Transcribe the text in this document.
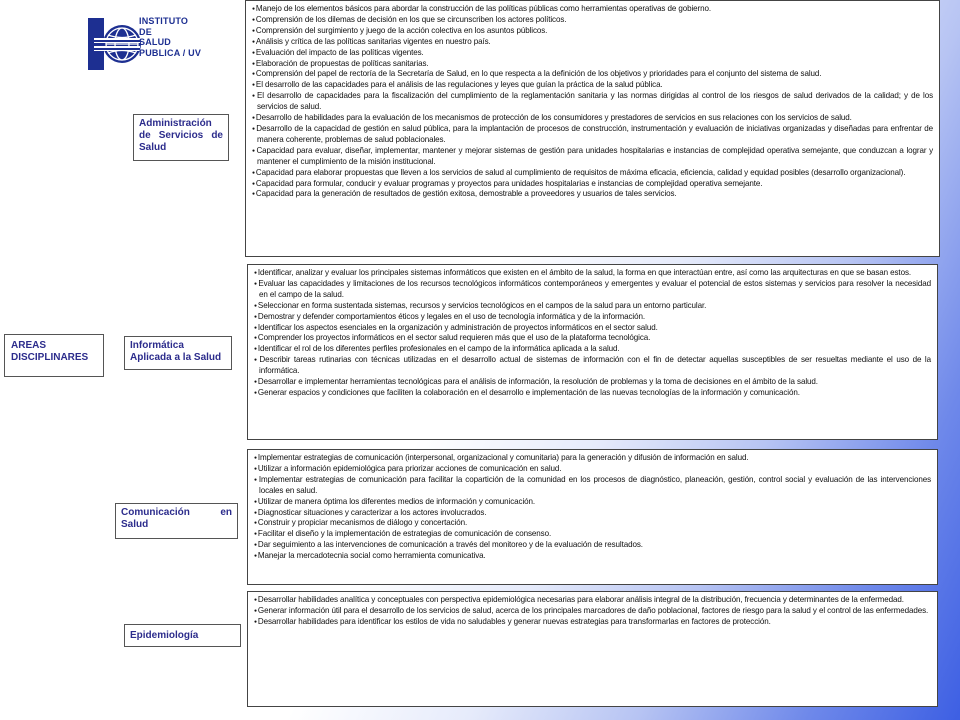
INSTITUTO
DE
SALUD
PUBLICA / UV
AREAS DISCIPLINARES
Administración de Servicios de Salud
Informática Aplicada a la Salud
Comunicación en Salud
Epidemiología
● Manejo de los elementos básicos para abordar la construcción de las políticas públicas como herramientas operativas de gobierno.
● Comprensión de los dilemas de decisión en los que se circunscriben los actores políticos.
● Comprensión del surgimiento y juego de la acción colectiva en los asuntos públicos.
● Análisis y crítica de las políticas sanitarias vigentes en nuestro país.
● Evaluación del impacto de las políticas vigentes.
● Elaboración de propuestas de políticas sanitarias.
● Comprensión del papel de rectoría de la Secretaría de Salud, en lo que respecta a la definición de los objetivos y prioridades para el conjunto del sistema de salud.
● El desarrollo de las capacidades para el análisis de las regulaciones y leyes que guían la práctica de la salud pública.
● El desarrollo de capacidades para la fiscalización del cumplimiento de la reglamentación sanitaria y las normas dirigidas al control de los riesgos de salud derivados de la calidad; y de los servicios de salud.
● Desarrollo de habilidades para la evaluación de los mecanismos de protección de los consumidores y prestadores de servicios en sus relaciones con los servicios de salud.
● Desarrollo de la capacidad de gestión en salud pública, para la implantación de procesos de construcción, instrumentación y evaluación de iniciativas organizadas y diseñadas para enfrentar de manera coherente, problemas de salud poblacionales.
● Capacidad para evaluar, diseñar, implementar, mantener y mejorar sistemas de gestión para unidades hospitalarias e instancias de complejidad operativa semejante, que conduzcan a lograr y mantener el cumplimiento de la misión institucional.
● Capacidad para elaborar propuestas que lleven a los servicios de salud al cumplimiento de requisitos de máxima eficacia, eficiencia, calidad y equidad posibles (desarrollo organizacional).
● Capacidad para formular, conducir y evaluar programas y proyectos para unidades hospitalarias e instancias de complejidad operativa semejante.
● Capacidad para la generación de resultados de gestión exitosa, demostrable a proveedores y usuarios de tales servicios.
● Identificar, analizar y evaluar los principales sistemas informáticos que existen en el ámbito de la salud, la forma en que interactúan entre, así como las arquitecturas en que se basan estos.
● Evaluar las capacidades y limitaciones de los recursos tecnológicos informáticos contemporáneos y emergentes y evaluar el potencial de estos sistemas y servicios para resolver la necesidad en el campo de la salud.
● Seleccionar en forma sustentada sistemas, recursos y servicios tecnológicos en el campos de la salud para un entorno particular.
● Demostrar y defender comportamientos éticos y legales en el uso de tecnología informática y de la información.
● Identificar los aspectos esenciales en la organización y administración de proyectos informáticos en el sector salud.
● Comprender los proyectos informáticos en el sector salud requieren más que el uso de la plataforma tecnológica.
● Identificar el rol de los diferentes perfiles profesionales en el campo de la informática aplicada a la salud.
● Describir tareas rutinarias con técnicas utilizadas en el desarrollo actual de sistemas de información con el fin de detectar aquellas susceptibles de ser resueltas mediante el uso de la informática.
● Desarrollar e implementar herramientas tecnológicas para el análisis de información, la resolución de problemas y la toma de decisiones en el ámbito de la salud.
● Generar espacios y condiciones que faciliten la colaboración en el desarrollo e implementación de las nuevas tecnologías de la información y comunicación.
● Implementar estrategias de comunicación (interpersonal, organizacional y comunitaria) para la generación y difusión de información en salud.
● Utilizar a información epidemiológica para priorizar acciones de comunicación en salud.
● Implementar estrategias de comunicación para facilitar la copartición de la comunidad en los procesos de diagnóstico, planeación, gestión, control social y evaluación de las intervenciones locales en salud.
● Utilizar de manera óptima los diferentes medios de información y comunicación.
● Diagnosticar situaciones y caracterizar a los actores involucrados.
● Construir y propiciar mecanismos de diálogo y concertación.
● Facilitar el diseño y la implementación de estrategias de comunicación de consenso.
● Dar seguimiento a las intervenciones de comunicación a través del monitoreo y de la evaluación de resultados.
● Manejar la mercadotecnia social como herramienta comunicativa.
● Desarrollar habilidades analítica y conceptuales con perspectiva epidemiológica necesarias para elaborar análisis integral de la distribución, frecuencia y determinantes de la enfermedad.
● Generar información útil para el desarrollo de los servicios de salud, acerca de los principales marcadores de daño poblacional, factores de riesgo para la salud y el control de las enfermedades.
● Desarrollar habilidades para identificar los estilos de vida no saludables y generar nuevas estrategias para transformarlas en factores de protección.
